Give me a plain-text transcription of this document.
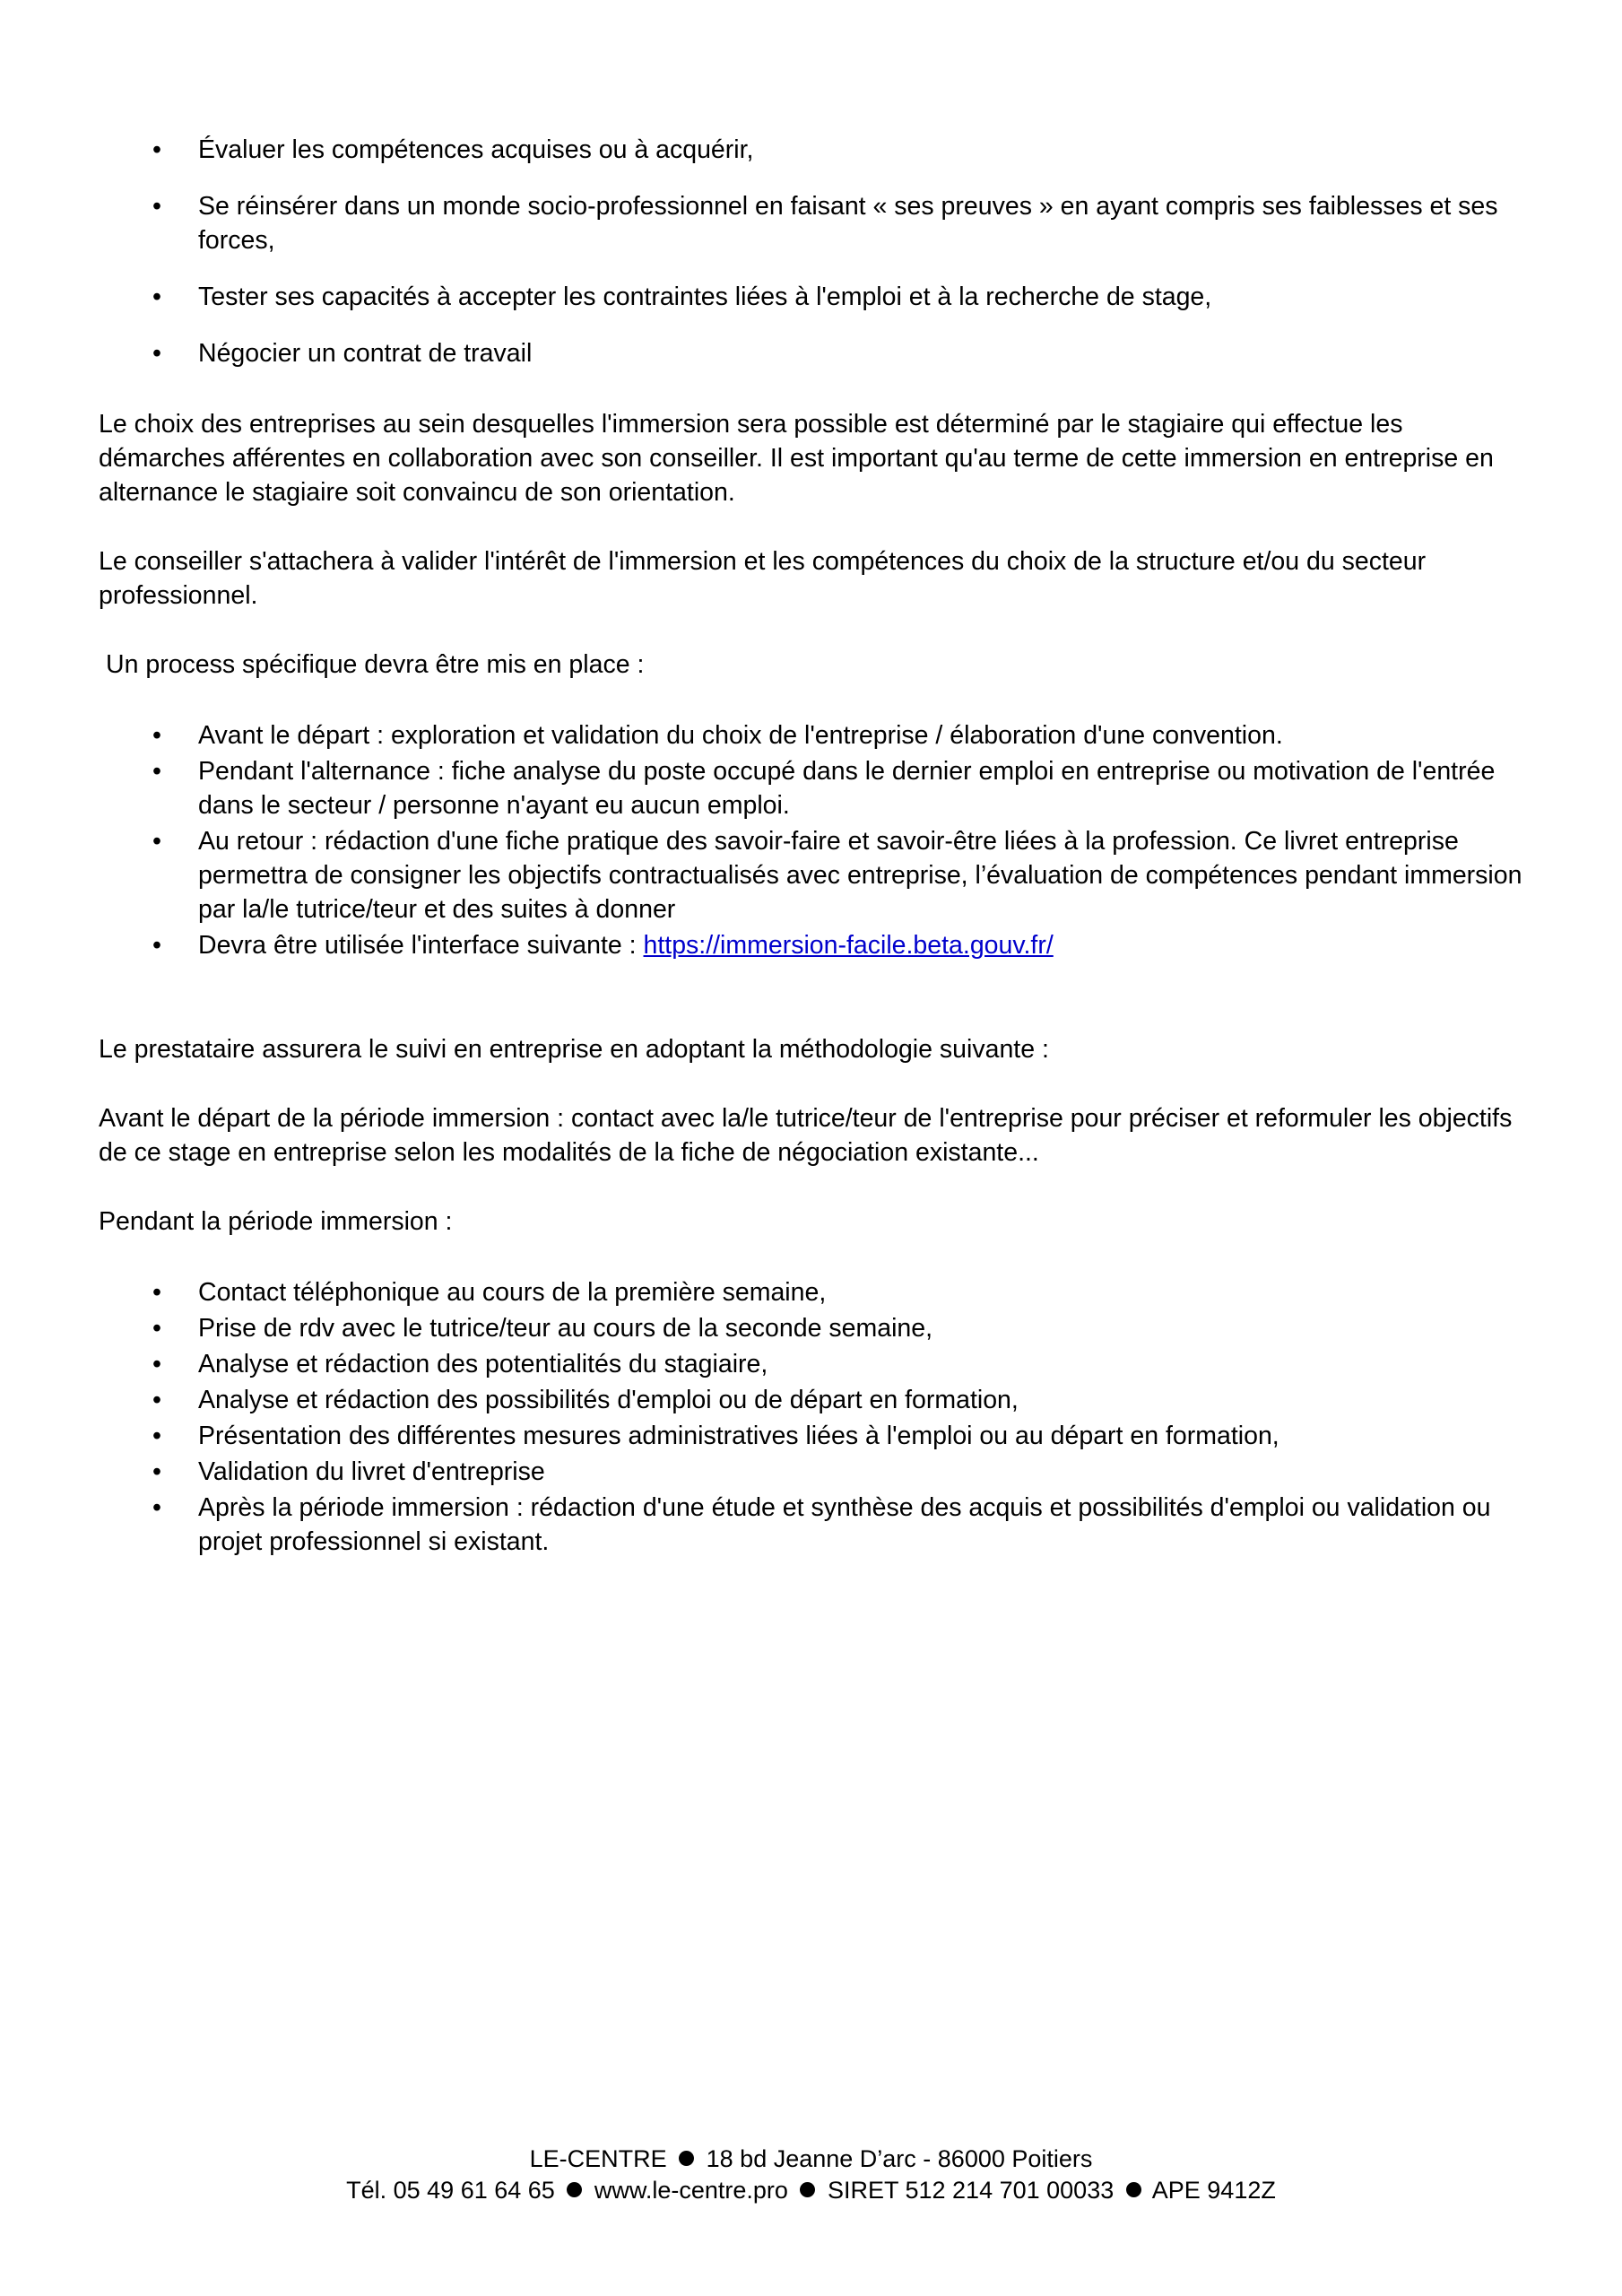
• Évaluer les compétences acquises ou à acquérir,
• Se réinsérer dans un monde socio-professionnel en faisant « ses preuves » en ayant compris ses faiblesses et ses forces,
• Tester ses capacités à accepter les contraintes liées à l'emploi et à la recherche de stage,
• Négocier un contrat de travail

Le choix des entreprises au sein desquelles l'immersion sera possible est déterminé par le stagiaire qui effectue les démarches afférentes en collaboration avec son conseiller. Il est important qu'au terme de cette immersion en entreprise en alternance le stagiaire soit convaincu de son orientation.

Le conseiller s'attachera à valider l'intérêt de l'immersion et les compétences du choix de la structure et/ou du secteur professionnel.

Un process spécifique devra être mis en place :

• Avant le départ : exploration et validation du choix de l'entreprise / élaboration d'une convention.
• Pendant l'alternance : fiche analyse du poste occupé dans le dernier emploi en entreprise ou motivation de l'entrée dans le secteur / personne n'ayant eu aucun emploi.
• Au retour : rédaction d'une fiche pratique des savoir-faire et savoir-être liées à la profession. Ce livret entreprise permettra de consigner les objectifs contractualisés avec entreprise, l’évaluation de compétences pendant immersion par la/le tutrice/teur et des suites à donner
• Devra être utilisée l'interface suivante : https://immersion-facile.beta.gouv.fr/

Le prestataire assurera le suivi en entreprise en adoptant la méthodologie suivante :

Avant le départ de la période immersion : contact avec la/le tutrice/teur de l'entreprise pour préciser et reformuler les objectifs de ce stage en entreprise selon les modalités de la fiche de négociation existante...

Pendant la période immersion :

• Contact téléphonique au cours de la première semaine,
• Prise de rdv avec le tutrice/teur au cours de la seconde semaine,
• Analyse et rédaction des potentialités du stagiaire,
• Analyse et rédaction des possibilités d'emploi ou de départ en formation,
• Présentation des différentes mesures administratives liées à l'emploi ou au départ en formation,
• Validation du livret d'entreprise
• Après la période immersion : rédaction d'une étude et synthèse des acquis et possibilités d'emploi ou validation ou projet professionnel si existant.
LE-CENTRE 18 bd Jeanne D’arc - 86000 Poitiers
Tél. 05 49 61 64 65 www.le-centre.pro SIRET 512 214 701 00033 APE 9412Z
